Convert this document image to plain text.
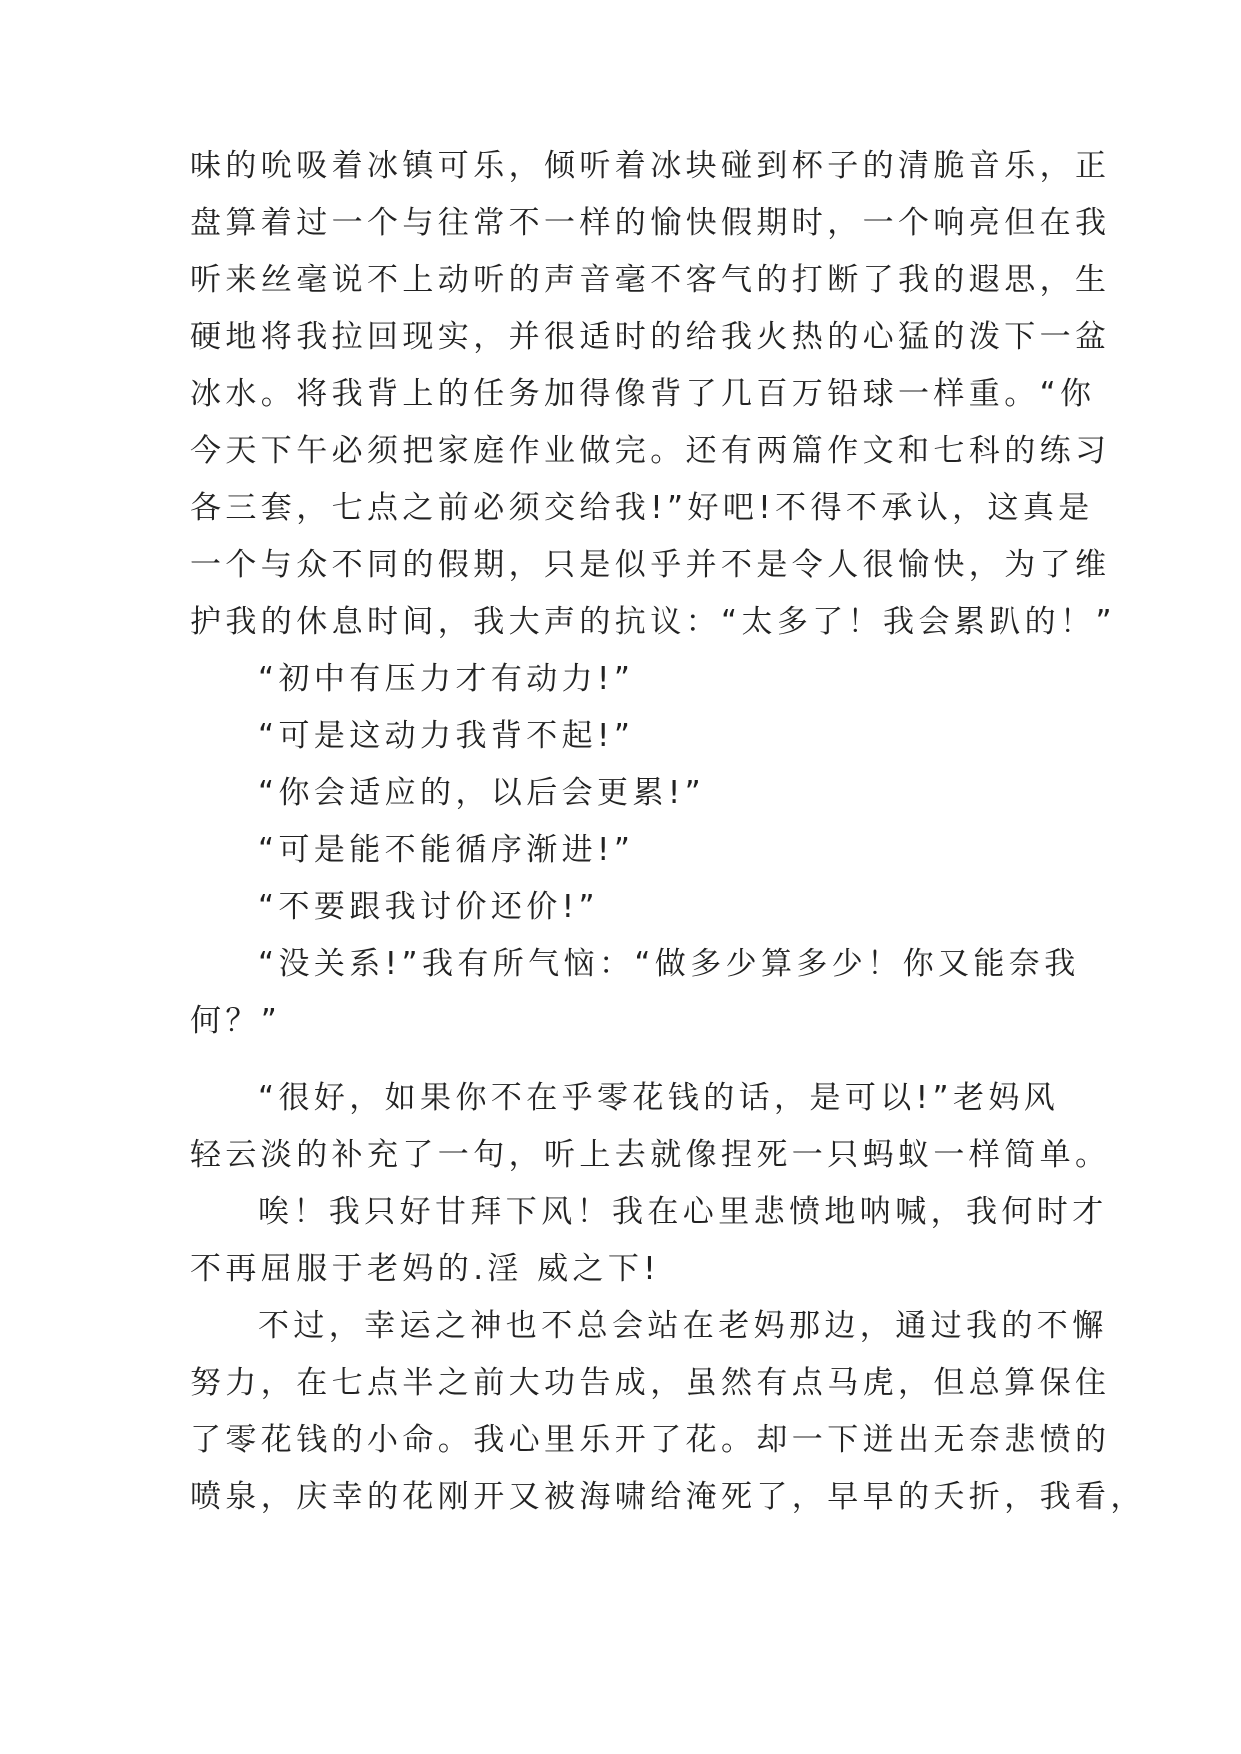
味的吮吸着冰镇可乐，倾听着冰块碰到杯子的清脆音乐，正
盘算着过一个与往常不一样的愉快假期时，一个响亮但在我
听来丝毫说不上动听的声音毫不客气的打断了我的遐思，生
硬地将我拉回现实，并很适时的给我火热的心猛的泼下一盆
冰水。将我背上的任务加得像背了几百万铅球一样重。“你
今天下午必须把家庭作业做完。还有两篇作文和七科的练习
各三套，七点之前必须交给我!”好吧!不得不承认，这真是
一个与众不同的假期，只是似乎并不是令人很愉快，为了维
护我的休息时间，我大声的抗议：“太多了！我会累趴的！”
“初中有压力才有动力!”
“可是这动力我背不起!”
“你会适应的，以后会更累!”
“可是能不能循序渐进!”
“不要跟我讨价还价!”
“没关系!”我有所气恼：“做多少算多少！你又能奈我
何？”
“很好，如果你不在乎零花钱的话，是可以!”老妈风
轻云淡的补充了一句，听上去就像捏死一只蚂蚁一样简单。
唉！我只好甘拜下风！我在心里悲愤地呐喊，我何时才
不再屈服于老妈的.淫 威之下!
不过，幸运之神也不总会站在老妈那边，通过我的不懈
努力，在七点半之前大功告成，虽然有点马虎，但总算保住
了零花钱的小命。我心里乐开了花。却一下迸出无奈悲愤的
喷泉，庆幸的花刚开又被海啸给淹死了，早早的夭折，我看，
